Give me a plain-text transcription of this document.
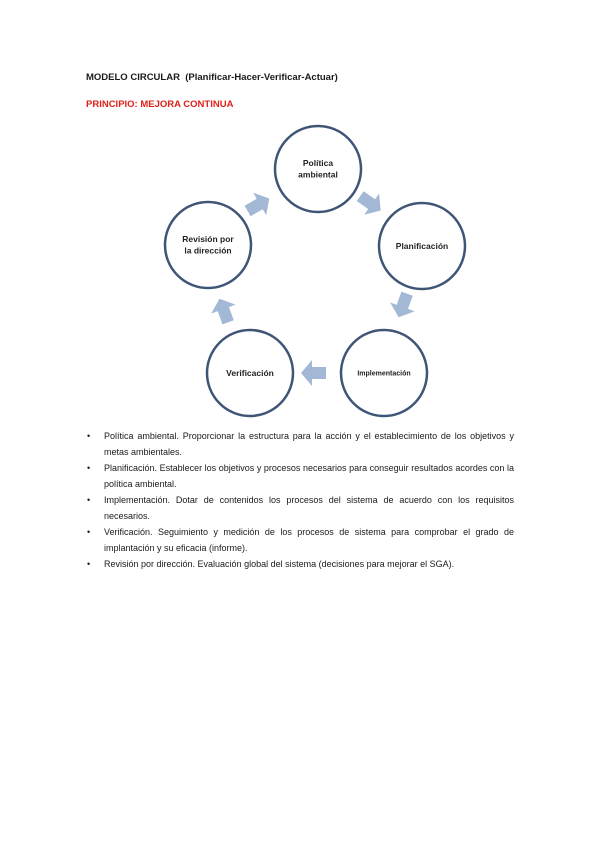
MODELO CIRCULAR (Planificar-Hacer-Verificar-Actuar)
PRINCIPIO: MEJORA CONTINUA
Política
ambiental
Planificación
Implementación
Verificación
Revisión por
la dirección
• Política ambiental. Proporcionar la estructura para la acción y el establecimiento de los objetivos y metas ambientales.
• Planificación. Establecer los objetivos y procesos necesarios para conseguir resultados acordes con la política ambiental.
• Implementación. Dotar de contenidos los procesos del sistema de acuerdo con los requisitos necesarios.
• Verificación. Seguimiento y medición de los procesos de sistema para comprobar el grado de implantación y su eficacia (informe).
• Revisión por dirección. Evaluación global del sistema (decisiones para mejorar el SGA).
